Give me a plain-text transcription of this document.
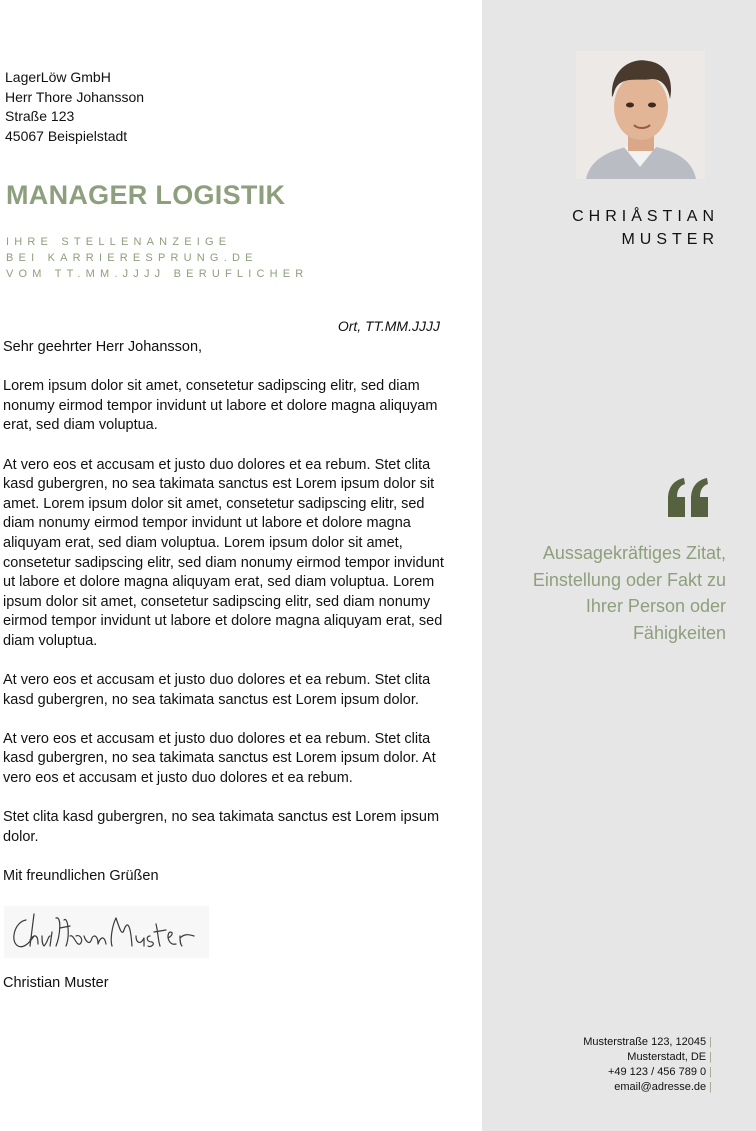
LagerLöw GmbH
Herr Thore Johansson
Straße 123
45067 Beispielstadt
MANAGER LOGISTIK
IHRE STELLENANZEIGE
BEI KARRIERESPRUNG.DE
VOM TT.MM.JJJJ BERUFLICHER
Ort, TT.MM.JJJJ

Sehr geehrter Herr Johansson,

Lorem ipsum dolor sit amet, consetetur sadipscing elitr, sed diam nonumy eirmod tempor invidunt ut labore et dolore magna aliquyam erat, sed diam voluptua.

At vero eos et accusam et justo duo dolores et ea rebum. Stet clita kasd gubergren, no sea takimata sanctus est Lorem ipsum dolor sit amet. Lorem ipsum dolor sit amet, consetetur sadipscing elitr, sed diam nonumy eirmod tempor invidunt ut labore et dolore magna aliquyam erat, sed diam voluptua. Lorem ipsum dolor sit amet, consetetur sadipscing elitr, sed diam nonumy eirmod tempor invidunt ut labore et dolore magna aliquyam erat, sed diam voluptua. Lorem ipsum dolor sit amet, consetetur sadipscing elitr, sed diam nonumy eirmod tempor invidunt ut labore et dolore magna aliquyam erat, sed diam voluptua.

At vero eos et accusam et justo duo dolores et ea rebum. Stet clita kasd gubergren, no sea takimata sanctus est Lorem ipsum dolor.

At vero eos et accusam et justo duo dolores et ea rebum. Stet clita kasd gubergren, no sea takimata sanctus est Lorem ipsum dolor. At vero eos et accusam et justo duo dolores et ea rebum.

Stet clita kasd gubergren, no sea takimata sanctus est Lorem ipsum dolor.

Mit freundlichen Grüßen

Christian Muster
CHRIÅSTIAN
MUSTER
Aussagekräftiges Zitat, Einstellung oder Fakt zu Ihrer Person oder Fähigkeiten
Musterstraße 123, 12045 |
Musterstadt, DE |
+49 123 / 456 789 0 |
email@adresse.de |
